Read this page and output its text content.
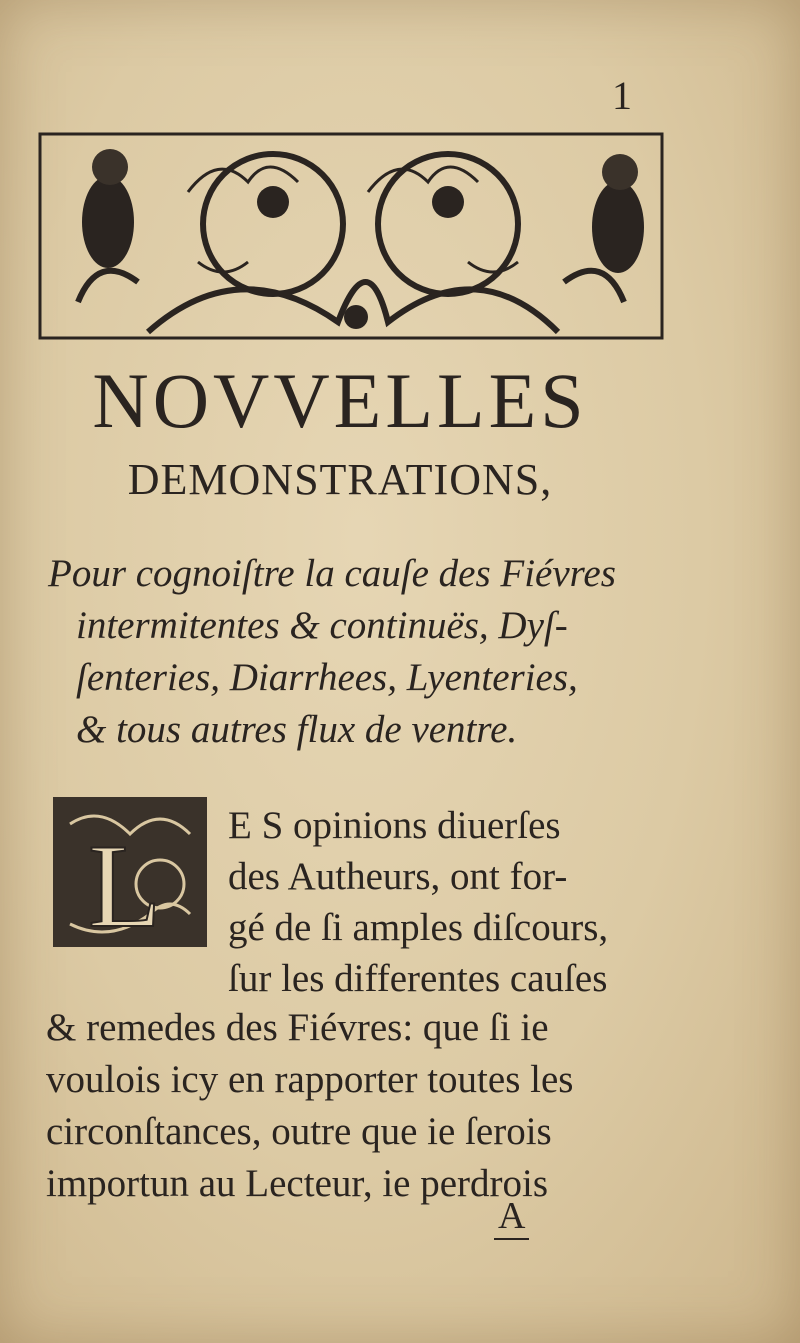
1
NOVVELLES
DEMONSTRATIONS,
Pour cognoiſtre la cauſe des Fiévres
intermitentes & continuës, Dyſ-
ſenteries, Diarrhees, Lyenteries,
& tous autres flux de ventre.
L E S opinions diuerſes
des Autheurs, ont for-
gé de ſi amples diſcours,
ſur les differentes cauſes
& remedes des Fiévres: que ſi ie
voulois icy en rapporter toutes les
circonſtances, outre que ie ſerois
importun au Lecteur, ie perdrois
A
